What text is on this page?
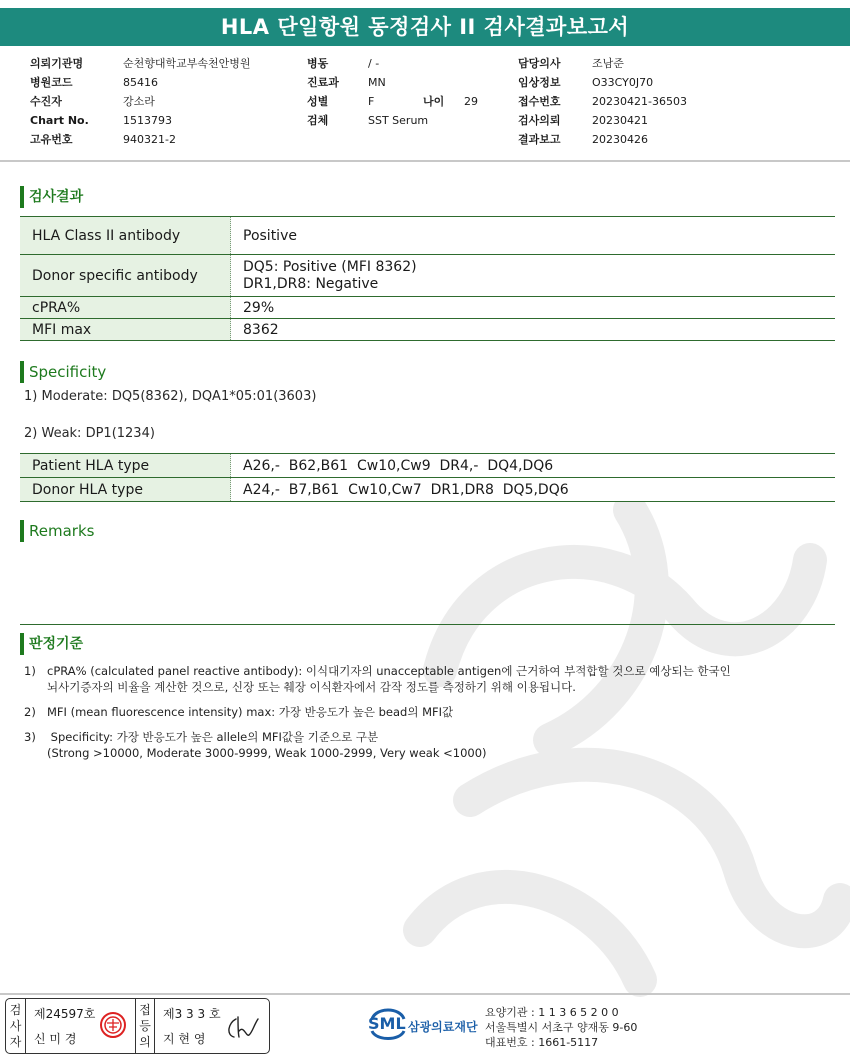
HLA 단일항원 동정검사 II 검사결과보고서
의뢰기관명	순천향대학교부속천안병원
병원코드	85416
수진자	강소라
Chart No.	1513793
고유번호	940321-2
병동	/ -
진료과	MN
성별	F	나이 29
검체	SST Serum
담당의사	조남준
임상정보	O33CY0J70
접수번호	20230421-36503
검사의뢰	20230421
결과보고	20230426
검사결과
HLA Class II antibody	Positive
Donor specific antibody	DQ5: Positive (MFI 8362)
DR1,DR8: Negative

cPRA%	29%
MFI max	8362
Specificity
1) Moderate: DQ5(8362), DQA1*05:01(3603)
2) Weak: DP1(1234)
Patient HLA type	A26,-  B62,B61  Cw10,Cw9  DR4,-  DQ4,DQ6
Donor HLA type	A24,-  B7,B61  Cw10,Cw7  DR1,DR8  DQ5,DQ6
Remarks
판정기준
1) cPRA% (calculated panel reactive antibody): 이식대기자의 unacceptable antigen에 근거하여 부적합할 것으로 예상되는 한국인
뇌사기증자의 비율을 계산한 것으로, 신장 또는 췌장 이식환자에서 감작 정도를 측정하기 위해 이용됩니다.
2) MFI (mean fluorescence intensity) max: 가장 반응도가 높은 bead의 MFI값
3) Specificity: 가장 반응도가 높은 allele의 MFI값을 기준으로 구분
(Strong >10000, Moderate 3000-9999, Weak 1000-2999, Very weak <1000)
검사자
제24597호
신 미 경
접등의
제3 3 3 호
지 현 영
SML 삼광의료재단
요양기관 : 1 1 3 6 5 2 0 0
서울특별시 서초구 양재동 9-60
대표번호 : 1661-5117
